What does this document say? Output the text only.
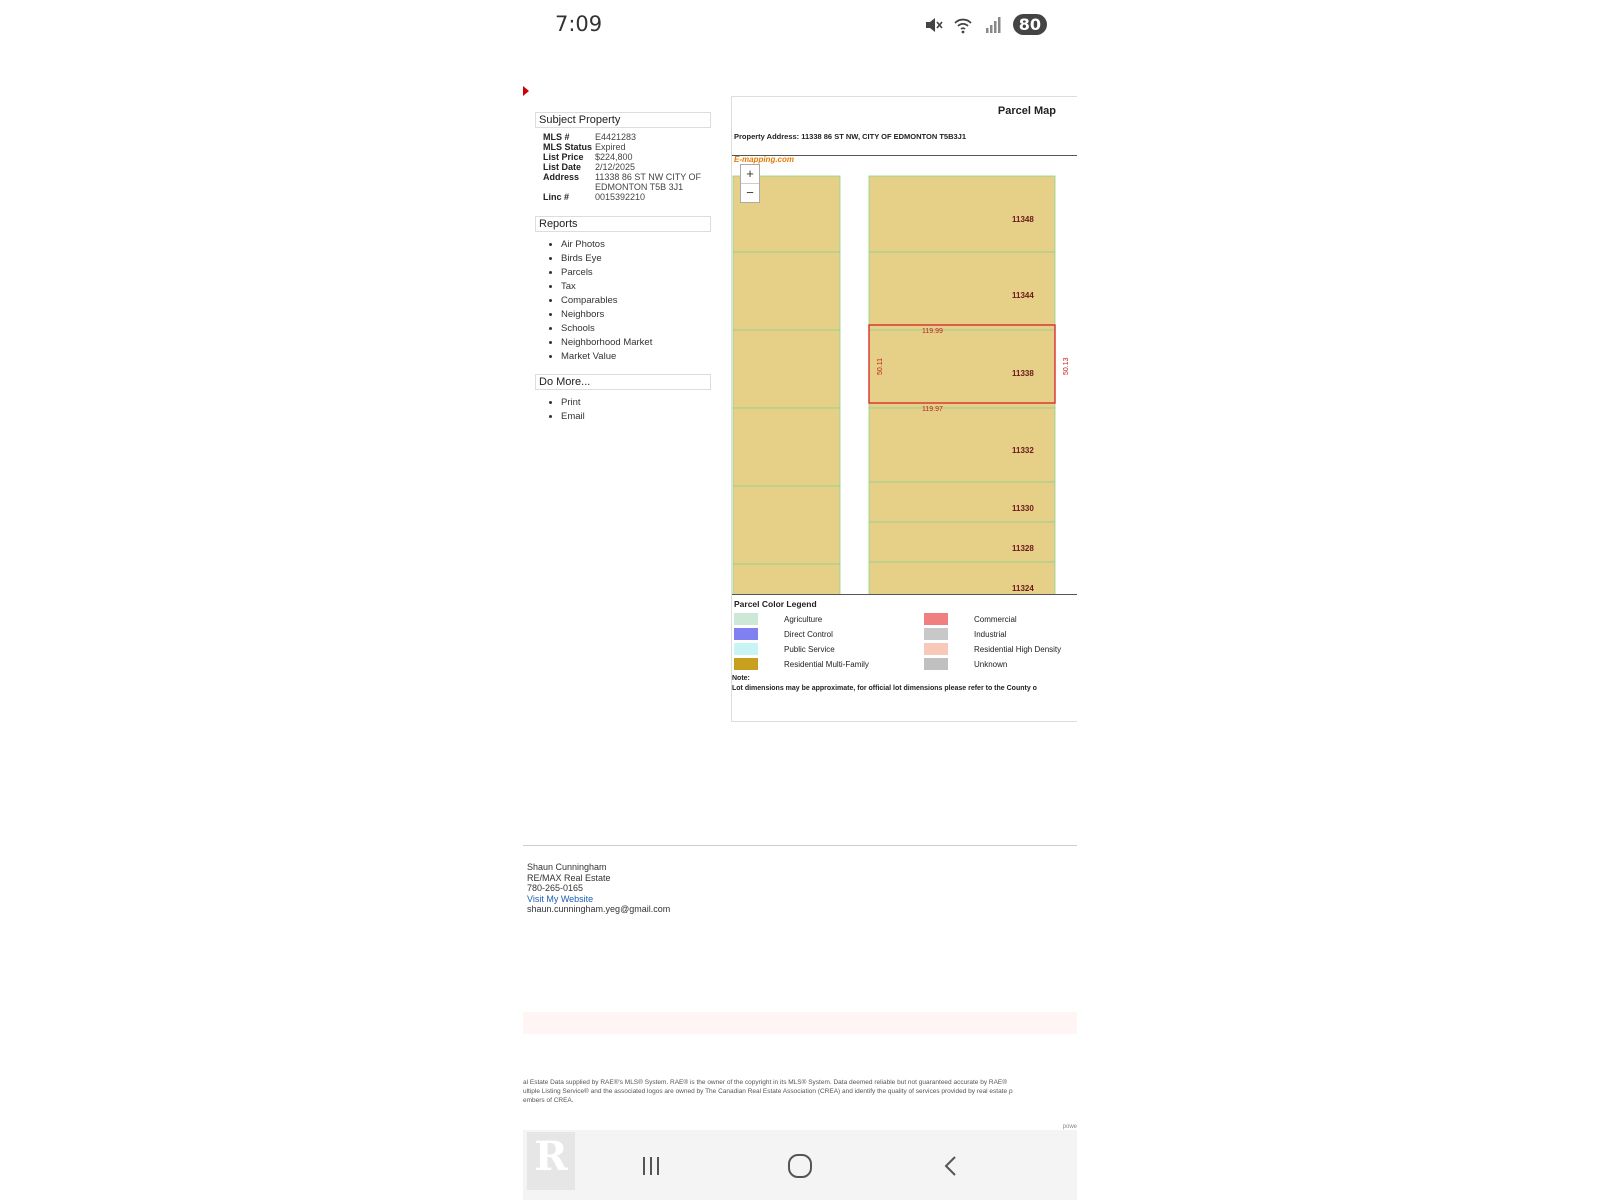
7:09	80
Subject Property
MLS #	E4421283
MLS Status Expired
List Price	$224,800
List Date	2/12/2025
Address	11338 86 ST NW CITY OF EDMONTON T5B 3J1
Linc #	0015392210
Reports
• Air Photos
• Birds Eye
• Parcels
• Tax
• Comparables
• Neighbors
• Schools
• Neighborhood Market
• Market Value
Do More...
• Print
• Email
Parcel Map
Property Address: 11338 86 ST NW, CITY OF EDMONTON T5B3J1
E-mapping.com
+
−
11348
11344
11338
11332
11330
11328
11324
119.99
119.97
50.11	50.13
Parcel Color Legend
Agriculture	Commercial
Direct Control	Industrial
Public Service	Residential High Density
Residential Multi-Family	Unknown
Note:
Lot dimensions may be approximate, for official lot dimensions please refer to the County o
Shaun Cunningham
RE/MAX Real Estate
780-265-0165
Visit My Website
shaun.cunningham.yeg@gmail.com
al Estate Data supplied by RAE®'s MLS® System. RAE® is the owner of the copyright in its MLS® System. Data deemed reliable but not guaranteed accurate by RAE®
ultiple Listing Service® and the associated logos are owned by The Canadian Real Estate Association (CREA) and identify the quality of services provided by real estate p
embers of CREA.
powe
R
